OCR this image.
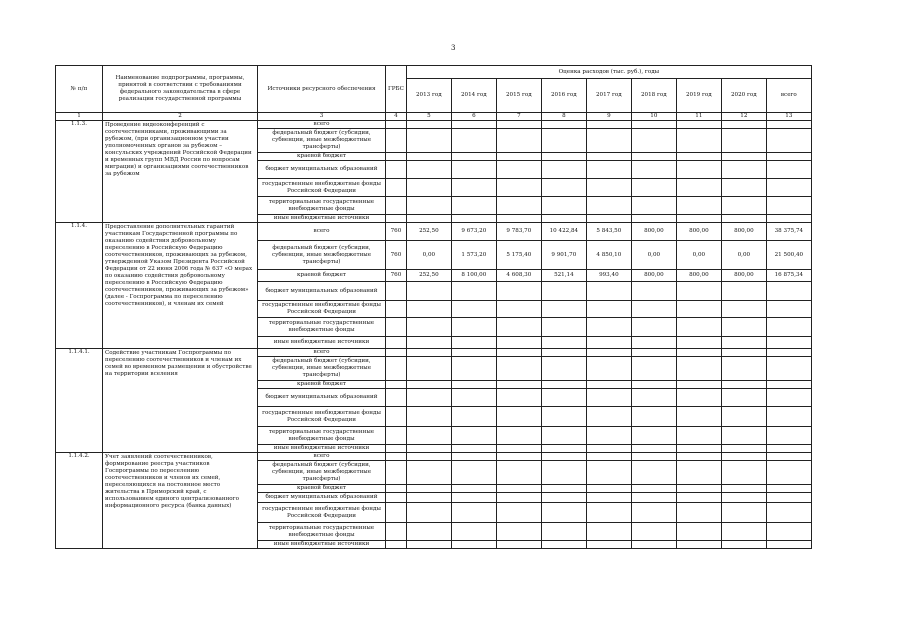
3
№ п/п	Наименование подпрограммы, программы, принятой в соответствии с требованиями федерального законодательства в сфере реализации государственной программы	Источники ресурсного обеспечения	ГРБС	Оценка расходов (тыс. руб.), годы								
				2013 год	2014 год	2015 год	2016 год	2017 год	2018 год	2019 год	2020 год	всего
1	2	3	4	5	6	7	8	9	10	11	12	13
1.1.3.	Проведение видеоконференций с соотечественниками, проживающими за рубежом, (при организационном участии уполномоченных органов за рубежом – консульских учреждений Российской Федерации и временных групп МВД России по вопросам миграции) и организациями соотечественников за рубежом	всего										
		федеральный бюджет (субсидии, субвенции, иные межбюджетные трансферты)										
		краевой бюджет										
		бюджет муниципальных образований										
		государственные внебюджетные фонды Российской Федерации										
		территориальные государственные внебюджетные фонды										
		иные внебюджетные источники										
1.1.4.	Предоставление дополнительных гарантий участникам Государственной программы по оказанию содействия добровольному переселению в Российскую Федерацию соотечественников, проживающих за рубежом, утвержденной Указом Президента Российской Федерации от 22 июня 2006 года № 637 «О мерах по оказанию содействия добровольному переселению в Российскую Федерацию соотечественников, проживающих за рубежом» (далее - Госпрограмма по переселению соотечественников), и членам их семей	всего	760	252,50	9 673,20	9 783,70	10 422,84	5 843,50	800,00	800,00	800,00	38 375,74
		федеральный бюджет (субсидии, субвенции, иные межбюджетные трансферты)	760	0,00	1 573,20	5 175,40	9 901,70	4 850,10	0,00	0,00	0,00	21 500,40
		краевой бюджет	760	252,50	8 100,00	4 608,30	521,14	993,40	800,00	800,00	800,00	16 875,34
		бюджет муниципальных образований										
		государственные внебюджетные фонды Российской Федерации										
		территориальные государственные внебюджетные фонды										
		иные внебюджетные источники										
1.1.4.1.	Содействие участникам Госпрограммы по переселению соотечественников и членам их семей во временном размещении и обустройстве на территории вселения	всего										
		федеральный бюджет (субсидии, субвенции, иные межбюджетные трансферты)										
		краевой бюджет										
		бюджет муниципальных образований										
		государственные внебюджетные фонды Российской Федерации										
		территориальные государственные внебюджетные фонды										
		иные внебюджетные источники										
1.1.4.2.	Учет заявлений соотечественников, формирование реестра участников Госпрограммы по переселению соотечественников и членов их семей, переселяющихся на постоянное место жительства в Приморский край, с использованием единого централизованного информационного ресурса (банка данных)	всего										
		федеральный бюджет (субсидии, субвенции, иные межбюджетные трансферты)										
		краевой бюджет										
		бюджет муниципальных образований										
		государственные внебюджетные фонды Российской Федерации										
		территориальные государственные внебюджетные фонды										
		иные внебюджетные источники										
